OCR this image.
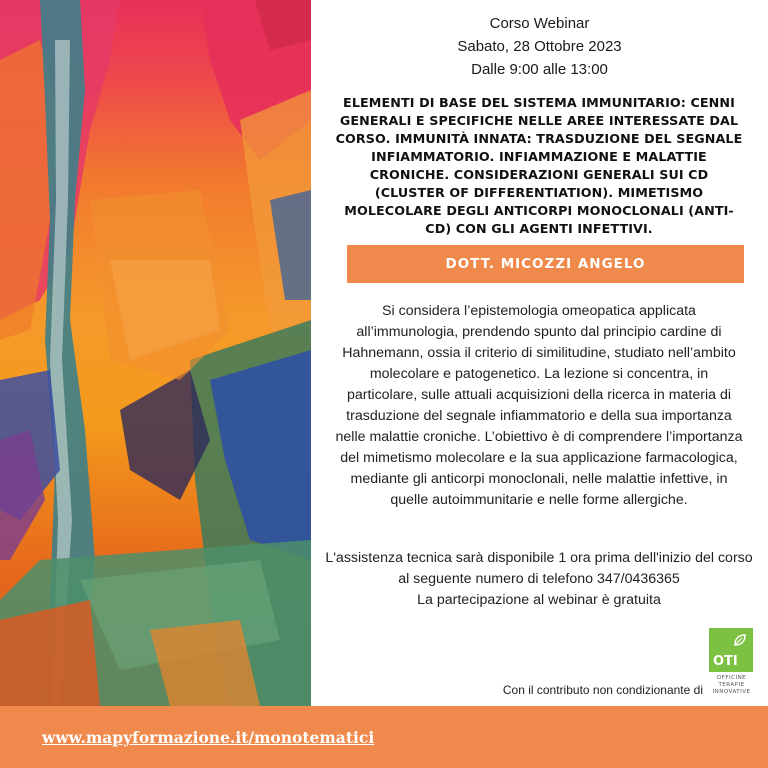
Corso Webinar
Sabato, 28 Ottobre 2023
Dalle 9:00 alle 13:00
ELEMENTI DI BASE DEL SISTEMA IMMUNITARIO: CENNI GENERALI E SPECIFICHE NELLE AREE INTERESSATE DAL CORSO. IMMUNITÀ INNATA: TRASDUZIONE DEL SEGNALE INFIAMMATORIO. INFIAMMAZIONE E MALATTIE CRONICHE. CONSIDERAZIONI GENERALI SUI CD (CLUSTER OF DIFFERENTIATION). MIMETISMO MOLECOLARE DEGLI ANTICORPI MONOCLONALI (ANTI-CD) CON GLI AGENTI INFETTIVI.
DOTT. MICOZZI ANGELO
Si considera l’epistemologia omeopatica applicata all’immunologia, prendendo spunto dal principio cardine di Hahnemann, ossia il criterio di similitudine, studiato nell’ambito molecolare e patogenetico. La lezione si concentra, in particolare, sulle attuali acquisizioni della ricerca in materia di trasduzione del segnale infiammatorio e della sua importanza nelle malattie croniche. L’obiettivo è di comprendere l’importanza del mimetismo molecolare e la sua applicazione farmacologica, mediante gli anticorpi monoclonali, nelle malattie infettive, in quelle autoimmunitarie e nelle forme allergiche.
L'assistenza tecnica sarà disponibile 1 ora prima dell'inizio del corso al seguente numero di telefono 347/0436365
La partecipazione al webinar è gratuita
Con il contributo non condizionante di
OTI
OFFICINE TERAPIE INNOVATIVE
www.mapyformazione.it/monotematici
